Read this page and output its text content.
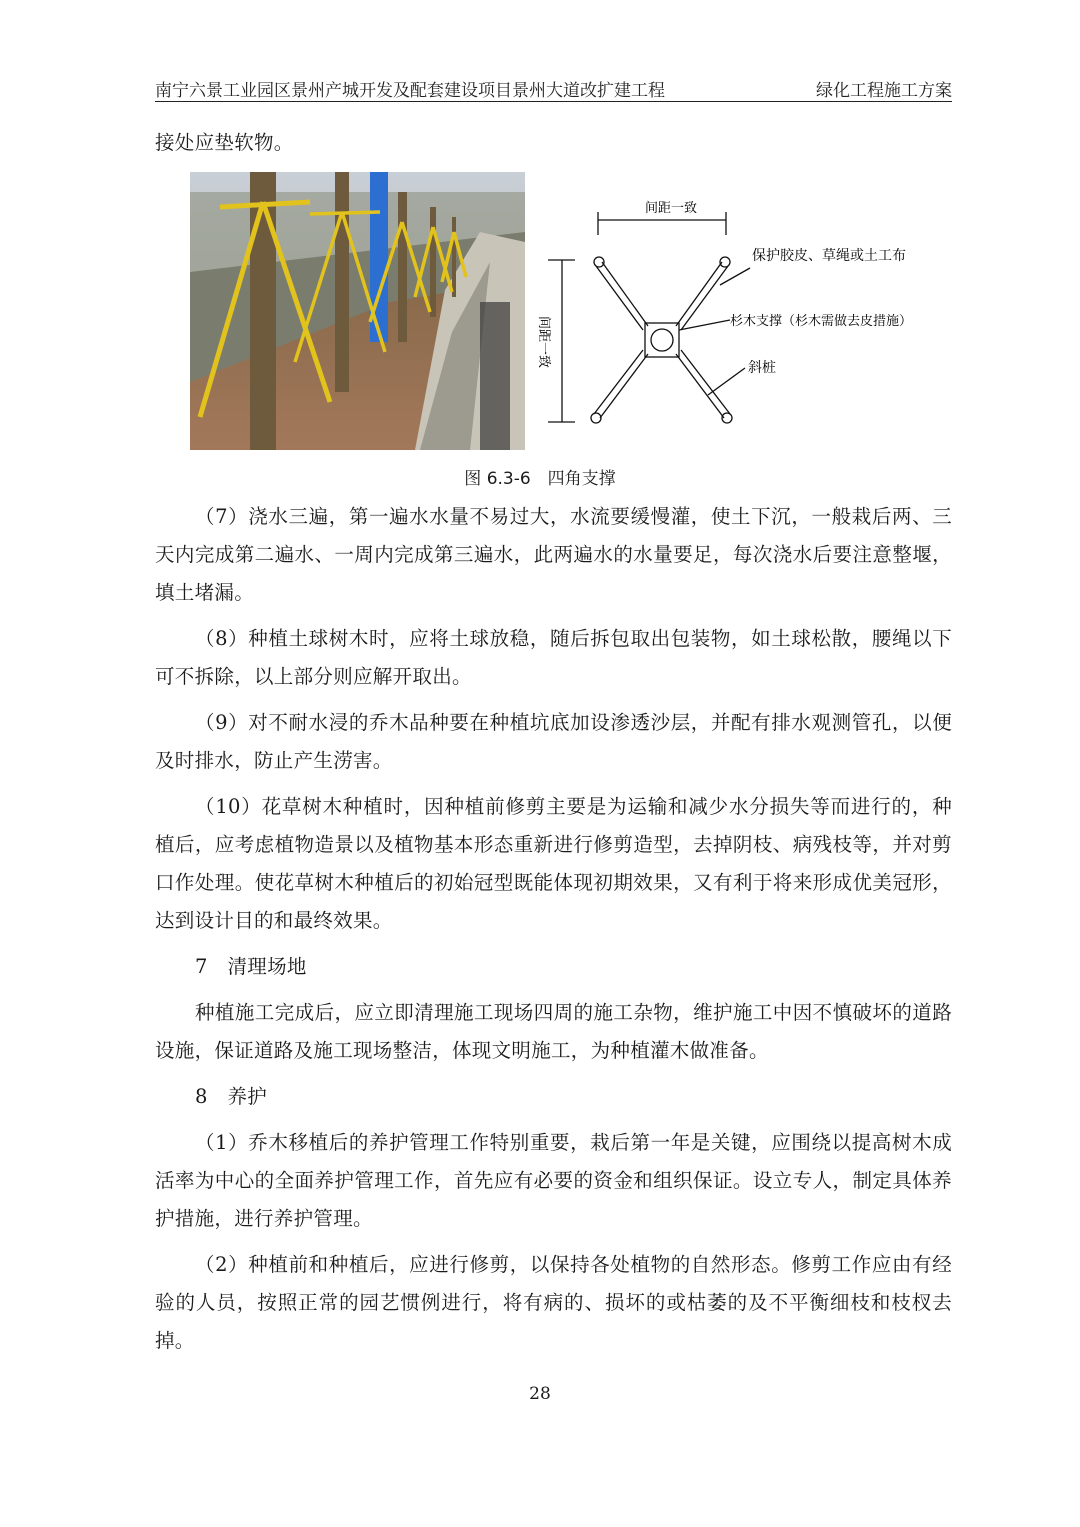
南宁六景工业园区景州产城开发及配套建设项目景州大道改扩建工程	绿化工程施工方案
接处应垫软物。
间距一致
间距一致
保护胶皮、草绳或土工布
杉木支撑（杉木需做去皮措施）
斜桩
图 6.3-6　四角支撑

（7）浇水三遍，第一遍水水量不易过大，水流要缓慢灌，使土下沉，一般栽后两、三天内完成第二遍水、一周内完成第三遍水，此两遍水的水量要足，每次浇水后要注意整堰，填土堵漏。

（8）种植土球树木时，应将土球放稳，随后拆包取出包装物，如土球松散，腰绳以下可不拆除，以上部分则应解开取出。

（9）对不耐水浸的乔木品种要在种植坑底加设渗透沙层，并配有排水观测管孔，以便及时排水，防止产生涝害。

（10）花草树木种植时，因种植前修剪主要是为运输和减少水分损失等而进行的，种植后，应考虑植物造景以及植物基本形态重新进行修剪造型，去掉阴枝、病残枝等，并对剪口作处理。使花草树木种植后的初始冠型既能体现初期效果，又有利于将来形成优美冠形，达到设计目的和最终效果。

7　清理场地

种植施工完成后，应立即清理施工现场四周的施工杂物，维护施工中因不慎破坏的道路设施，保证道路及施工现场整洁，体现文明施工，为种植灌木做准备。

8　养护

（1）乔木移植后的养护管理工作特别重要，栽后第一年是关键，应围绕以提高树木成活率为中心的全面养护管理工作，首先应有必要的资金和组织保证。设立专人，制定具体养护措施，进行养护管理。

（2）种植前和种植后，应进行修剪，以保持各处植物的自然形态。修剪工作应由有经验的人员，按照正常的园艺惯例进行，将有病的、损坏的或枯萎的及不平衡细枝和枝杈去掉。

28
